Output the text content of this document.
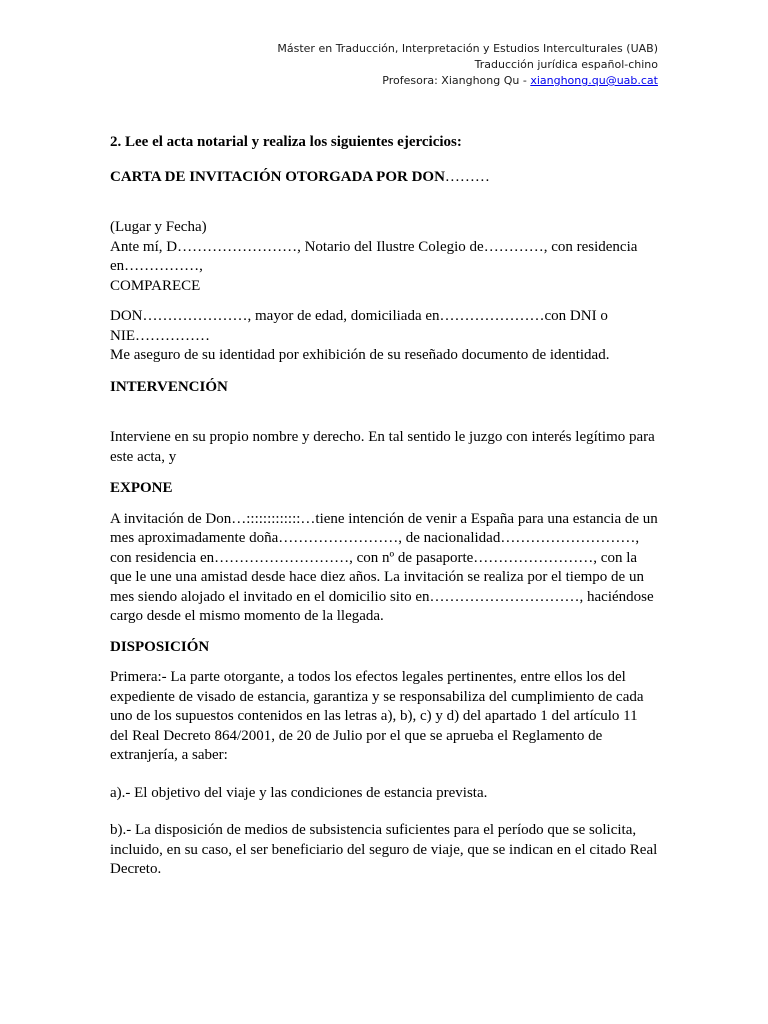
Máster en Traducción, Interpretación y Estudios Interculturales (UAB)
Traducción jurídica español-chino
Profesora: Xianghong Qu - xianghong.qu@uab.cat

2. Lee el acta notarial y realiza los siguientes ejercicios:

CARTA DE INVITACIÓN OTORGADA POR DON………

(Lugar y Fecha)

Ante mí, D……………………, Notario del Ilustre Colegio de…………, con residencia en……………,

COMPARECE

DON…………………, mayor de edad, domiciliada en…………………con DNI o NIE……………

Me aseguro de su identidad por exhibición de su reseñado documento de identidad.

INTERVENCIÓN

Interviene en su propio nombre y derecho. En tal sentido le juzgo con interés legítimo para este acta, y

EXPONE

A invitación de Don…:::::::::::::…tiene intención de venir a España para una estancia de un mes aproximadamente doña……………………, de nacionalidad………………………, con residencia en………………………, con nº de pasaporte……………………, con la que le une una amistad desde hace diez años. La invitación se realiza por el tiempo de un mes siendo alojado el invitado en el domicilio sito en…………………………, haciéndose cargo desde el mismo momento de la llegada.

DISPOSICIÓN

Primera:- La parte otorgante, a todos los efectos legales pertinentes, entre ellos los del expediente de visado de estancia, garantiza y se responsabiliza del cumplimiento de cada uno de los supuestos contenidos en las letras a), b), c) y d) del apartado 1 del artículo 11 del Real Decreto 864/2001, de 20 de Julio por el que se aprueba el Reglamento de extranjería, a saber:

a).- El objetivo del viaje y las condiciones de estancia prevista.

b).- La disposición de medios de subsistencia suficientes para el período que se solicita, incluido, en su caso, el ser beneficiario del seguro de viaje, que se indican en el citado Real Decreto.
